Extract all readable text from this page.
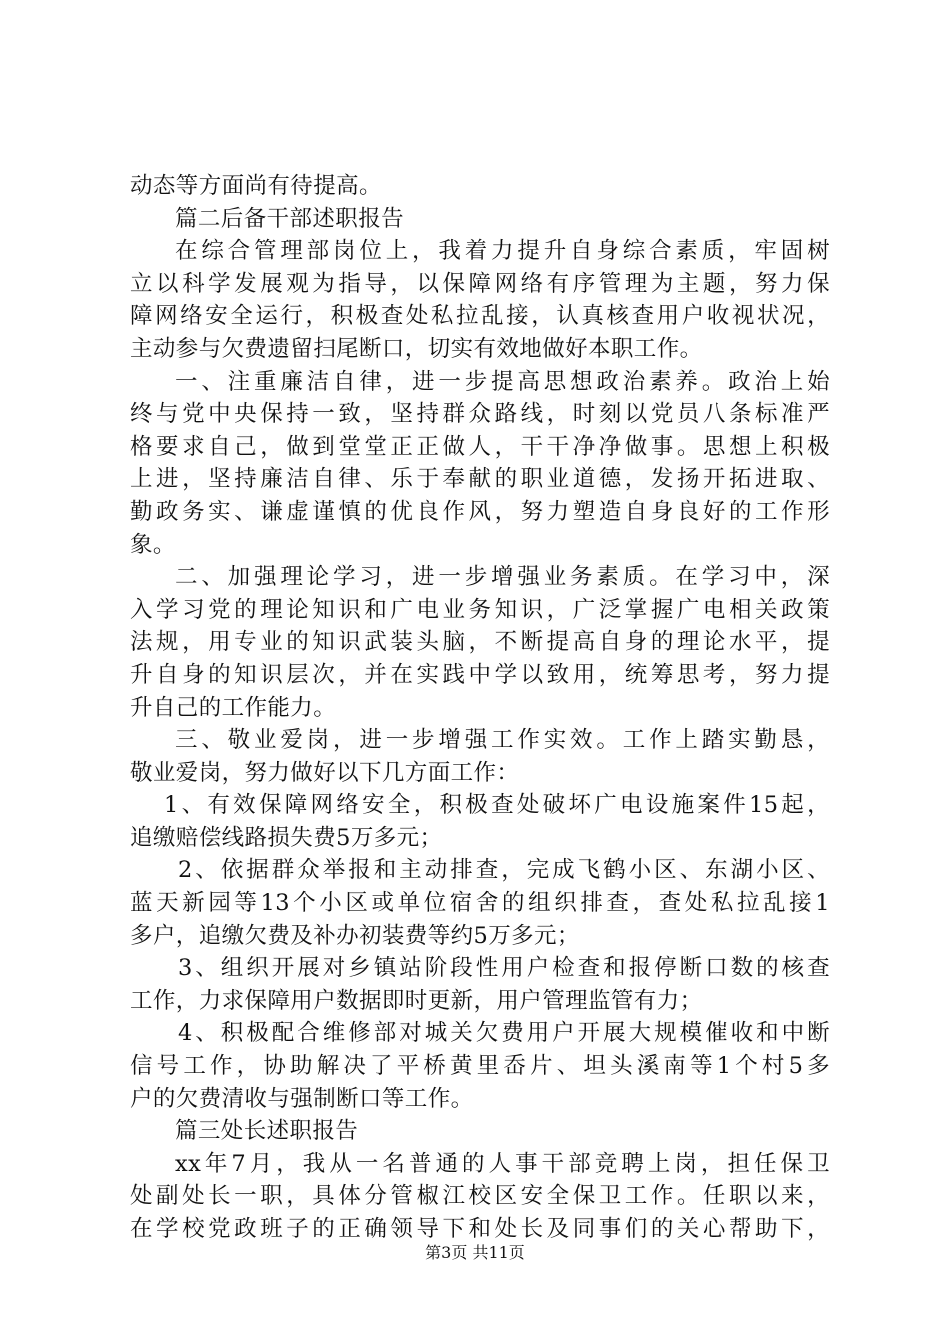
动态等方面尚有待提高。
篇二后备干部述职报告
在综合管理部岗位上，我着力提升自身综合素质，牢固树
立以科学发展观为指导，以保障网络有序管理为主题，努力保
障网络安全运行，积极查处私拉乱接，认真核查用户收视状况，
主动参与欠费遗留扫尾断口，切实有效地做好本职工作。
一、注重廉洁自律，进一步提高思想政治素养。政治上始
终与党中央保持一致，坚持群众路线，时刻以党员八条标准严
格要求自己，做到堂堂正正做人，干干净净做事。思想上积极
上进，坚持廉洁自律、乐于奉献的职业道德，发扬开拓进取、
勤政务实、谦虚谨慎的优良作风，努力塑造自身良好的工作形
象。
二、加强理论学习，进一步增强业务素质。在学习中，深
入学习党的理论知识和广电业务知识，广泛掌握广电相关政策
法规，用专业的知识武装头脑，不断提高自身的理论水平，提
升自身的知识层次，并在实践中学以致用，统筹思考，努力提
升自己的工作能力。
三、敬业爱岗，进一步增强工作实效。工作上踏实勤恳，
敬业爱岗，努力做好以下几方面工作：
1、有效保障网络安全，积极查处破坏广电设施案件15起，
追缴赔偿线路损失费5万多元；
2、依据群众举报和主动排查，完成飞鹤小区、东湖小区、
蓝天新园等13个小区或单位宿舍的组织排查，查处私拉乱接1
多户，追缴欠费及补办初装费等约5万多元；
3、组织开展对乡镇站阶段性用户检查和报停断口数的核查
工作，力求保障用户数据即时更新，用户管理监管有力；
4、积极配合维修部对城关欠费用户开展大规模催收和中断
信号工作，协助解决了平桥黄里岙片、坦头溪南等1个村5多
户的欠费清收与强制断口等工作。
篇三处长述职报告
xx年7月，我从一名普通的人事干部竞聘上岗，担任保卫
处副处长一职，具体分管椒江校区安全保卫工作。任职以来，
在学校党政班子的正确领导下和处长及同事们的关心帮助下，
第3页 共11页
